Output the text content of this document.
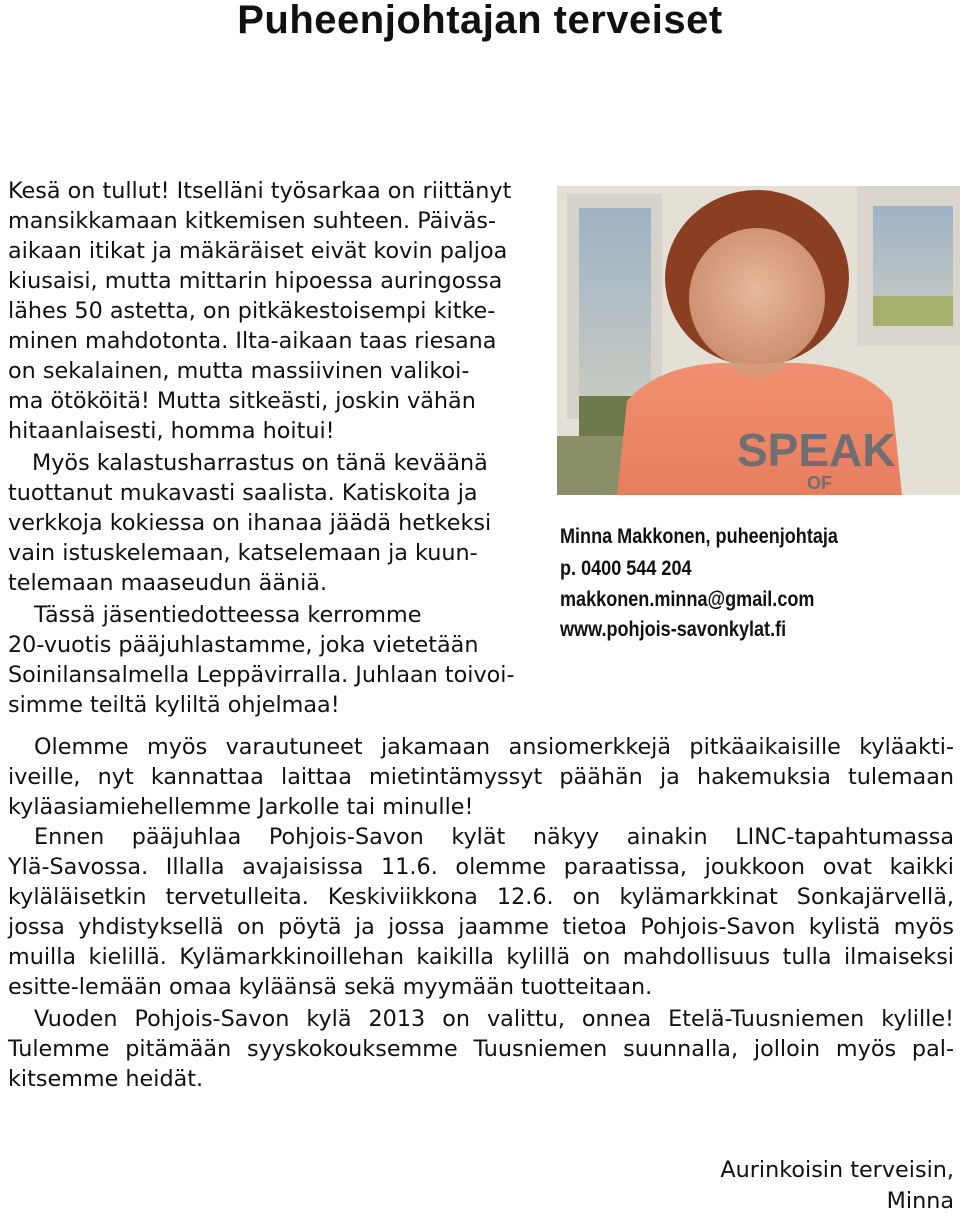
Puheenjohtajan terveiset
Kesä on tullut! Itselläni työsarkaa on riittänyt
mansikkamaan kitkemisen suhteen. Päiväs-
aikaan itikat ja mäkäräiset eivät kovin paljoa
kiusaisi, mutta mittarin hipoessa auringossa
lähes 50 astetta, on pitkäkestoisempi kitke-
minen mahdotonta. Ilta-aikaan taas riesana
on sekalainen, mutta massiivinen valikoi-
ma ötököitä! Mutta sitkeästi, joskin vähän
hitaanlaisesti, homma hoitui!
Myös kalastusharrastus on tänä keväänä
tuottanut mukavasti saalista. Katiskoita ja
verkkoja kokiessa on ihanaa jäädä hetkeksi
vain istuskelemaan, katselemaan ja kuun-
telemaan maaseudun ääniä.
Tässä jäsentiedotteessa kerromme
20-vuotis pääjuhlastamme, joka vietetään
Soinilansalmella Leppävirralla. Juhlaan toivoi-
simme teiltä kyliltä ohjelmaa!
SPEAK
OF
Minna Makkonen, puheenjohtaja
p. 0400 544 204
makkonen.minna@gmail.com
www.pohjois-savonkylat.fi
Olemme myös varautuneet jakamaan ansiomerkkejä pitkäaikaisille kyläakti-
iveille, nyt kannattaa laittaa mietintämyssyt päähän ja hakemuksia tulemaan
kyläasiamiehellemme Jarkolle tai minulle!
Ennen pääjuhlaa Pohjois-Savon kylät näkyy ainakin LINC-tapahtumassa
Ylä-Savossa. Illalla avajaisissa 11.6. olemme paraatissa, joukkoon ovat kaikki
kyläläisetkin tervetulleita. Keskiviikkona 12.6. on kylämarkkinat Sonkajärvellä,
jossa yhdistyksellä on pöytä ja jossa jaamme tietoa Pohjois-Savon kylistä myös
muilla kielillä. Kylämarkkinoillehan kaikilla kylillä on mahdollisuus tulla ilmaiseksi
esitte-lemään omaa kyläänsä sekä myymään tuotteitaan.
Vuoden Pohjois-Savon kylä 2013 on valittu, onnea Etelä-Tuusniemen kylille!
Tulemme pitämään syyskokouksemme Tuusniemen suunnalla, jolloin myös pal-
kitsemme heidät.
Aurinkoisin terveisin,
Minna
